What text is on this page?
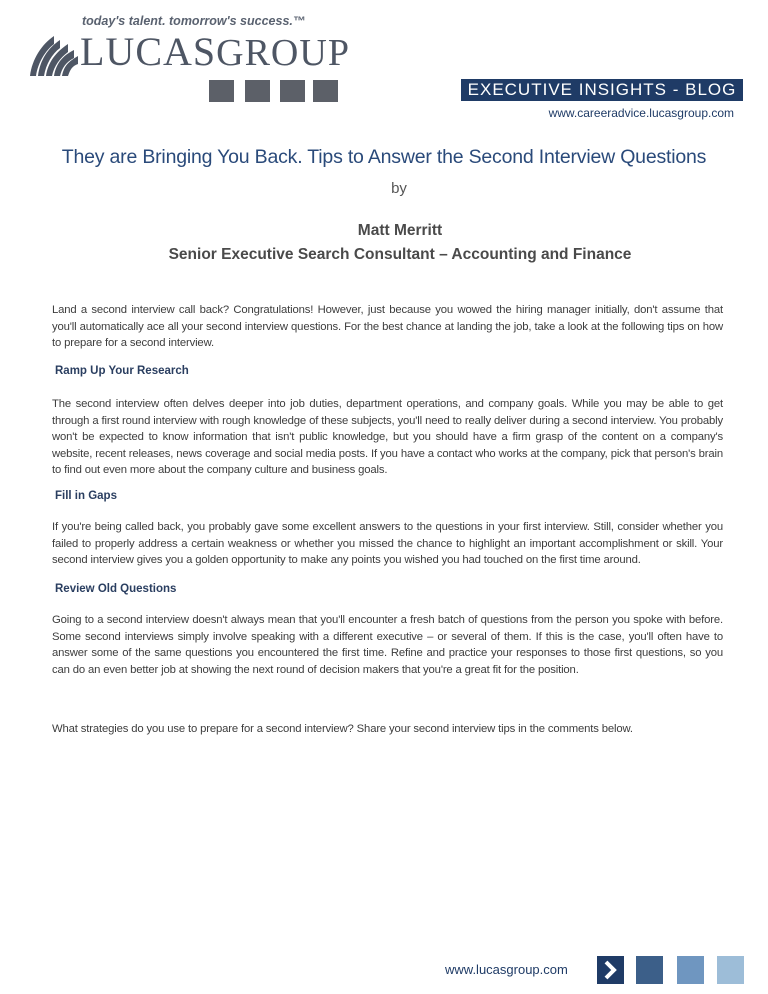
today's talent. tomorrow's success.™
LUCASGROUP
EXECUTIVE INSIGHTS - BLOG
www.careeradvice.lucasgroup.com
They are Bringing You Back. Tips to Answer the Second Interview Questions
by
Matt Merritt
Senior Executive Search Consultant – Accounting and Finance
Land a second interview call back? Congratulations! However, just because you wowed the hiring manager initially, don't assume that you'll automatically ace all your second interview questions. For the best chance at landing the job, take a look at the following tips on how to prepare for a second interview.
Ramp Up Your Research
The second interview often delves deeper into job duties, department operations, and company goals. While you may be able to get through a first round interview with rough knowledge of these subjects, you'll need to really deliver during a second interview. You probably won't be expected to know information that isn't public knowledge, but you should have a firm grasp of the content on a company's website, recent releases, news coverage and social media posts. If you have a contact who works at the company, pick that person's brain to find out even more about the company culture and business goals.
Fill in Gaps
If you're being called back, you probably gave some excellent answers to the questions in your first interview. Still, consider whether you failed to properly address a certain weakness or whether you missed the chance to highlight an important accomplishment or skill. Your second interview gives you a golden opportunity to make any points you wished you had touched on the first time around.
Review Old Questions
Going to a second interview doesn't always mean that you'll encounter a fresh batch of questions from the person you spoke with before. Some second interviews simply involve speaking with a different executive – or several of them. If this is the case, you'll often have to answer some of the same questions you encountered the first time. Refine and practice your responses to those first questions, so you can do an even better job at showing the next round of decision makers that you're a great fit for the position.
What strategies do you use to prepare for a second interview? Share your second interview tips in the comments below.
www.lucasgroup.com
